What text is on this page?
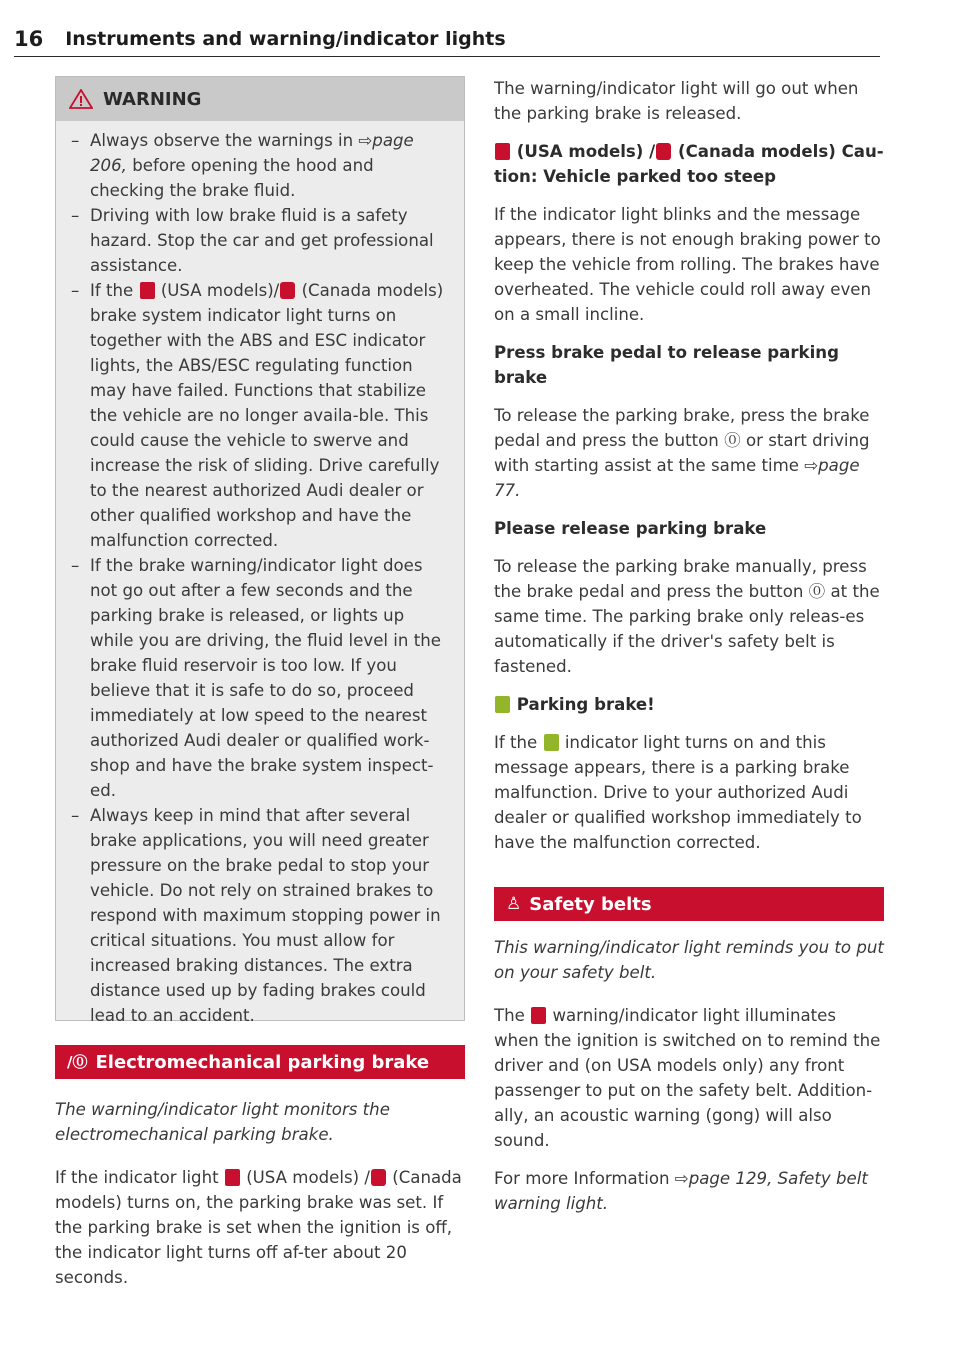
16 Instruments and warning/indicator lights
WARNING
– Always observe the warnings in ⇨page 206, before opening the hood and checking the brake fluid.
– Driving with low brake fluid is a safety hazard. Stop the car and get professional assistance.
– If the (USA models)/ (Canada models) brake system indicator light turns on together with the ABS and ESC indicator lights, the ABS/ESC regulating function may have failed. Functions that stabilize the vehicle are no longer availa-ble. This could cause the vehicle to swerve and increase the risk of sliding. Drive carefully to the nearest authorized Audi dealer or other qualified workshop and have the malfunction corrected.
– If the brake warning/indicator light does not go out after a few seconds and the parking brake is released, or lights up while you are driving, the fluid level in the brake fluid reservoir is too low. If you believe that it is safe to do so, proceed immediately at low speed to the nearest authorized Audi dealer or qualified work-shop and have the brake system inspect-ed.
– Always keep in mind that after several brake applications, you will need greater pressure on the brake pedal to stop your vehicle. Do not rely on strained brakes to respond with maximum stopping power in critical situations. You must allow for increased braking distances. The extra distance used up by fading brakes could lead to an accident.
/⓪ Electromechanical parking brake

The warning/indicator light monitors the electromechanical parking brake.

If the indicator light (USA models) / (Canada models) turns on, the parking brake was set. If the parking brake is set when the ignition is off, the indicator light turns off af-ter about 20 seconds.

The warning/indicator light will go out when the parking brake is released.

(USA models) / (Canada models) Cau-tion: Vehicle parked too steep

If the indicator light blinks and the message appears, there is not enough braking power to keep the vehicle from rolling. The brakes have overheated. The vehicle could roll away even on a small incline.

Press brake pedal to release parking brake

To release the parking brake, press the brake pedal and press the button ⓪ or start driving with starting assist at the same time ⇨page 77.

Please release parking brake

To release the parking brake manually, press the brake pedal and press the button ⓪ at the same time. The parking brake only releas-es automatically if the driver's safety belt is fastened.

Parking brake!

If the indicator light turns on and this message appears, there is a parking brake malfunction. Drive to your authorized Audi dealer or qualified workshop immediately to have the malfunction corrected.

♙ Safety belts

This warning/indicator light reminds you to put on your safety belt.

The warning/indicator light illuminates when the ignition is switched on to remind the driver and (on USA models only) any front passenger to put on the safety belt. Addition-ally, an acoustic warning (gong) will also sound.

For more Information ⇨page 129, Safety belt warning light.
